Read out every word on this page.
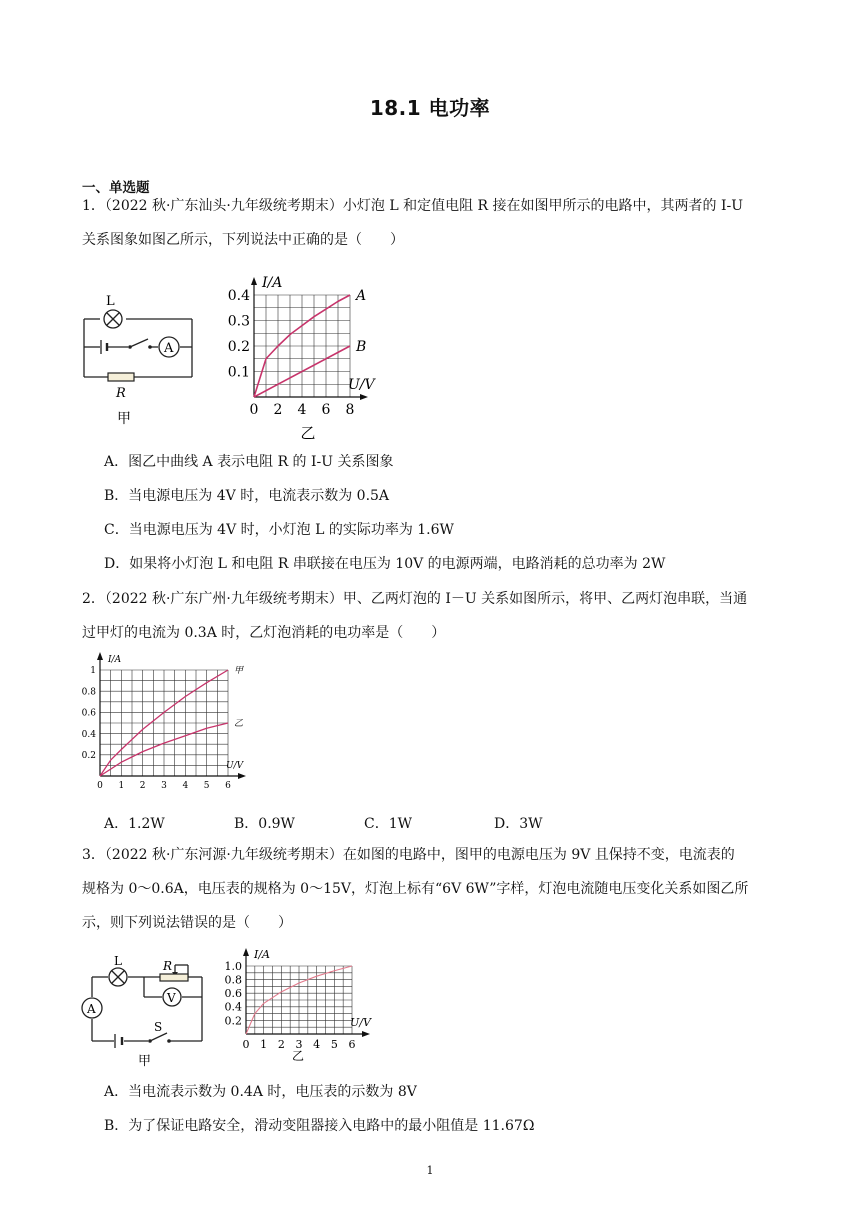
18.1 电功率
一、单选题
1．（2022 秋·广东汕头·九年级统考期末）小灯泡 L 和定值电阻 R 接在如图甲所示的电路中，其两者的 I-U
关系图象如图乙所示，下列说法中正确的是（　　）
L
A
R
甲
0 2 4 6 8
0.1
0.2
0.3
0.4
I/A
U/V
A
B
乙
A．图乙中曲线 A 表示电阻 R 的 I-U 关系图象
B．当电源电压为 4V 时，电流表示数为 0.5A
C．当电源电压为 4V 时，小灯泡 L 的实际功率为 1.6W
D．如果将小灯泡 L 和电阻 R 串联接在电压为 10V 的电源两端，电路消耗的总功率为 2W
2．（2022 秋·广东广州·九年级统考期末）甲、乙两灯泡的 I－U 关系如图所示，将甲、乙两灯泡串联，当通
过甲灯的电流为 0.3A 时，乙灯泡消耗的电功率是（　　）
0 1 2 3 4 5 6
0.2
0.4
0.6
0.8
1
I/A
U/V
甲
乙
A．1.2W	B．0.9W	C．1W	D．3W
3．（2022 秋·广东河源·九年级统考期末）在如图的电路中，图甲的电源电压为 9V 且保持不变，电流表的
规格为 0～0.6A，电压表的规格为 0～15V，灯泡上标有“6V 6W”字样，灯泡电流随电压变化关系如图乙所
示，则下列说法错误的是（　　）
L	R
V
A
S
甲
0 1 2 3 4 5 6
0.2
0.4
0.6
0.8
1.0
I/A
U/V
乙
A．当电流表示数为 0.4A 时，电压表的示数为 8V
B．为了保证电路安全，滑动变阻器接入电路中的最小阻值是 11.67Ω
1
